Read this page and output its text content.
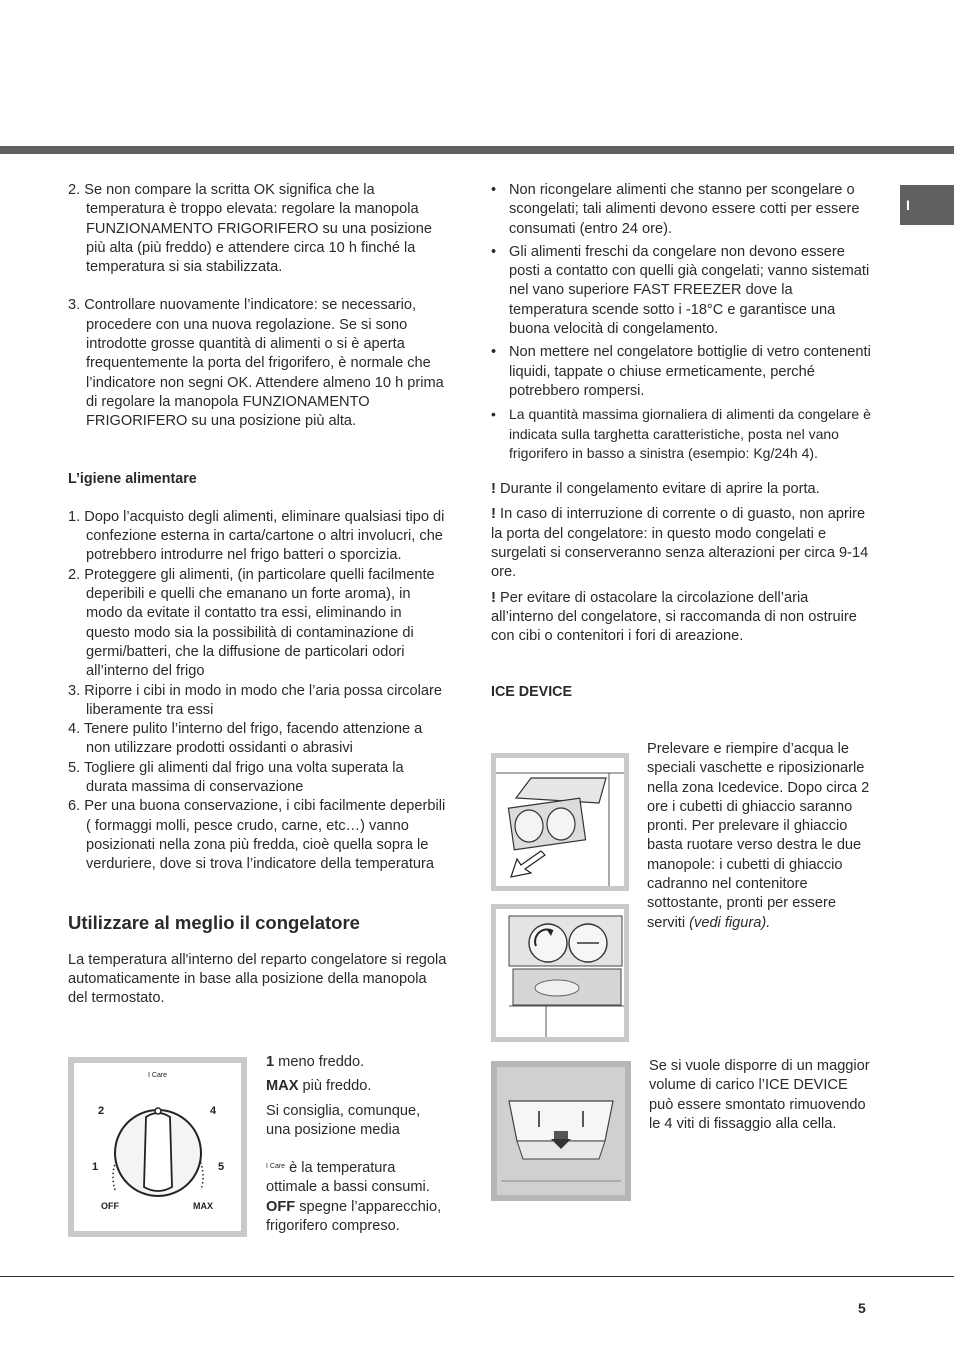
I
2. Se non compare la scritta OK significa che la temperatura è troppo elevata: regolare la manopola FUNZIONAMENTO FRIGORIFERO su una posizione più alta (più freddo) e attendere circa 10 h finché la temperatura si sia stabilizzata.
3. Controllare nuovamente l’indicatore: se necessario, procedere con una nuova regolazione. Se si sono introdotte grosse quantità di alimenti o si è aperta frequentemente la porta del frigorifero, è normale che l’indicatore non segni OK. Attendere almeno 10 h prima di regolare la manopola FUNZIONAMENTO FRIGORIFERO su una posizione più alta.
L’igiene alimentare
1. Dopo l’acquisto degli alimenti, eliminare qualsiasi tipo di confezione esterna in carta/cartone o altri involucri, che potrebbero introdurre nel frigo batteri o sporcizia.
2. Proteggere gli alimenti, (in particolare quelli facilmente deperibili e quelli che emanano un forte aroma), in modo da evitate il contatto tra essi, eliminando in questo modo sia la possibilità di contaminazione di germi/batteri, che la diffusione de particolari odori all’interno del frigo
3. Riporre i cibi in modo in modo che l’aria possa circolare liberamente tra essi
4. Tenere pulito l’interno del frigo, facendo attenzione a non utilizzare prodotti ossidanti o abrasivi
5. Togliere gli alimenti dal frigo una volta superata la durata massima di conservazione
6. Per una buona conservazione, i cibi facilmente deperbili ( formaggi molli, pesce crudo, carne, etc…) vanno posizionati nella zona più fredda, cioè quella sopra le verduriere, dove si trova l’indicatore della temperatura
Utilizzare al meglio il congelatore
La temperatura all'interno del reparto congelatore si regola automaticamente in base alla posizione della manopola del termostato.
I Care
2	4
1	5
OFF	MAX
1 meno freddo.
MAX più freddo.
Si consiglia, comunque, una posizione media
$^{I Care}$ è la temperatura ottimale a bassi consumi.
OFF spegne l’apparecchio, frigorifero compreso.
• Non ricongelare alimenti che stanno per scongelare o scongelati; tali alimenti devono essere cotti per essere consumati (entro 24 ore).
• Gli alimenti freschi da congelare non devono essere posti a contatto con quelli già congelati; vanno sistemati nel vano superiore FAST FREEZER dove la temperatura scende sotto i -18°C e garantisce una buona velocità di congelamento.
• Non mettere nel congelatore bottiglie di vetro contenenti liquidi, tappate o chiuse ermeticamente, perché potrebbero rompersi.
• La quantità massima giornaliera di alimenti da congelare è indicata sulla targhetta caratteristiche, posta nel vano frigorifero in basso a sinistra (esempio: Kg/24h 4).
! Durante il congelamento evitare di aprire la porta.
! In caso di interruzione di corrente o di guasto, non aprire la porta del congelatore: in questo modo congelati e surgelati si conserveranno senza alterazioni per circa 9-14 ore.
! Per evitare di ostacolare la circolazione dell’aria all’interno del congelatore, si raccomanda di non ostruire con cibi o contenitori i fori di areazione.
ICE DEVICE
Prelevare e riempire d’acqua le speciali vaschette e riposizionarle nella zona Icedevice. Dopo circa 2 ore i cubetti di ghiaccio saranno pronti. Per prelevare il ghiaccio basta ruotare verso destra le due manopole: i cubetti di ghiaccio cadranno nel contenitore sottostante, pronti per essere serviti (vedi figura).
Se si vuole disporre di un maggior volume di carico l’ICE DEVICE può essere smontato rimuovendo le 4 viti di fissaggio alla cella.
5
